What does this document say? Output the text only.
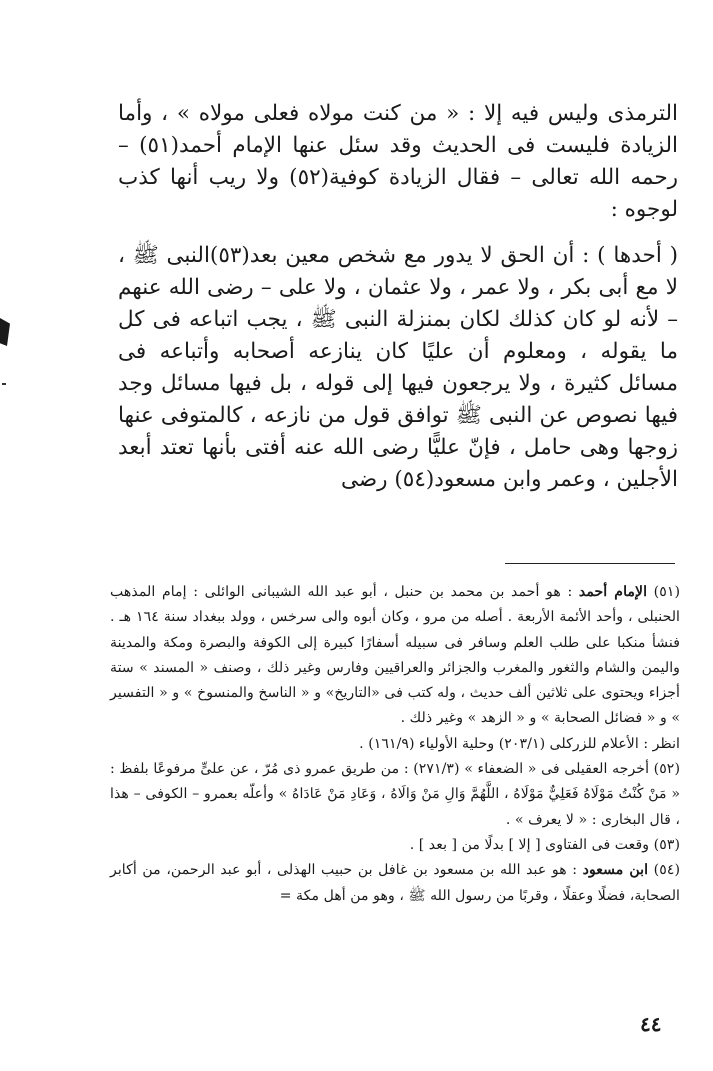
الترمذى وليس فيه إلا : « من كنت مولاه فعلى مولاه » ، وأما الزيادة فليست فى الحديث وقد سئل عنها الإمام أحمد(٥١) – رحمه الله تعالى – فقال الزيادة كوفية(٥٢) ولا ريب أنها كذب لوجوه :

( أحدها ) : أن الحق لا يدور مع شخص معين بعد(٥٣)النبى ﷺ ، لا مع أبى بكر ، ولا عمر ، ولا عثمان ، ولا على – رضى الله عنهم – لأنه لو كان كذلك لكان بمنزلة النبى ﷺ ، يجب اتباعه فى كل ما يقوله ، ومعلوم أن عليًا كان ينازعه أصحابه وأتباعه فى مسائل كثيرة ، ولا يرجعون فيها إلى قوله ، بل فيها مسائل وجد فيها نصوص عن النبى ﷺ توافق قول من نازعه ، كالمتوفى عنها زوجها وهى حامل ، فإنّ عليًّا رضى الله عنه أفتى بأنها تعتد أبعد الأجلين ، وعمر وابن مسعود(٥٤) رضى

(٥١) الإمام أحمد : هو أحمد بن محمد بن حنبل ، أبو عبد الله الشيبانى الوائلى : إمام المذهب الحنبلى ، وأحد الأئمة الأربعة . أصله من مرو ، وكان أبوه والى سرخس ، وولد ببغداد سنة ١٦٤ هـ . فنشأ منكبا على طلب العلم وسافر فى سبيله أسفارًا كبيرة إلى الكوفة والبصرة ومكة والمدينة واليمن والشام والثغور والمغرب والجزائر والعراقيين وفارس وغير ذلك ، وصنف « المسند » ستة أجزاء ويحتوى على ثلاثين ألف حديث ، وله كتب فى «التاريخ» و « الناسخ والمنسوخ » و « التفسير » و « فضائل الصحابة » و « الزهد » وغير ذلك .

انظر : الأعلام للزركلى (٢٠٣/١) وحلية الأولياء (١٦١/٩) .

(٥٢) أخرجه العقيلى فى « الضعفاء » (٢٧١/٣) : من طريق عمرو ذى مُرّ ، عن علىٍّ مرفوعًا بلفظ : « مَنْ كُنْتُ مَوْلَاهُ فَعَلِيٌّ مَوْلَاهُ ، اللَّهُمَّ وَالِ مَنْ وَالَاهُ ، وَعَادِ مَنْ عَادَاهُ » وأعلّه بعمرو – الكوفى – هذا ، قال البخارى : « لا يعرف » .

(٥٣) وقعت فى الفتاوى [ إلا ] بدلًا من [ بعد ] .

(٥٤) ابن مسعود : هو عبد الله بن مسعود بن غافل بن حبيب الهذلى ، أبو عبد الرحمن، من أكابر الصحابة، فضلًا وعقلًا ، وقربًا من رسول الله ﷺ ، وهو من أهل مكة =

٤٤
